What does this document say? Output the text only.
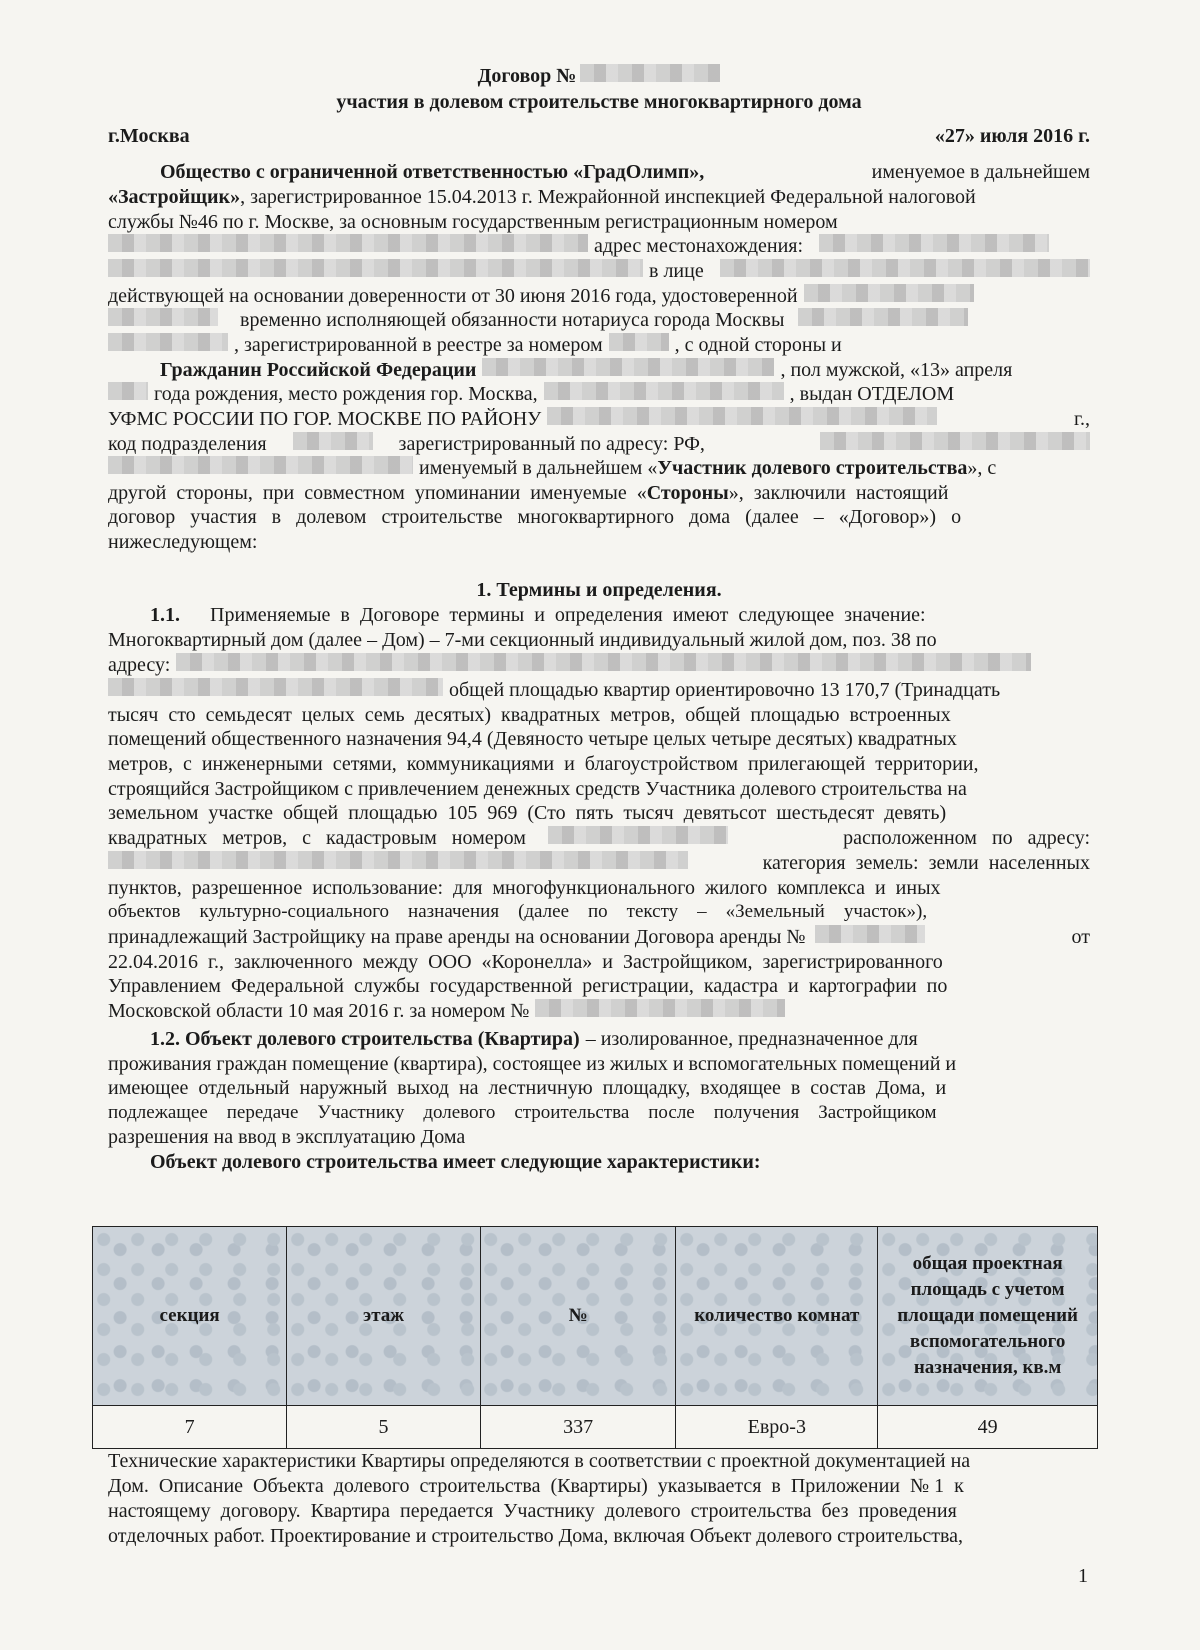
Договор №
участия в долевом строительстве многоквартирного дома
г.Москва	«27» июля 2016 г.
Общество с ограниченной ответственностью «ГрадОлимп»,	именуемое в дальнейшем
«Застройщик» , зарегистрированное 15.04.2013 г. Межрайонной инспекцией Федеральной налоговой
службы №46 по г. Москве, за основным государственным регистрационным номером
адрес местонахождения:
в лице
действующей на основании доверенности от 30 июня 2016 года, удостоверенной
временно исполняющей обязанности нотариуса города Москвы
, зарегистрированной в реестре за номером	, с одной стороны и
Гражданин Российской Федерации	, пол мужской, «13» апреля
года рождения, место рождения гор. Москва,	, выдан ОТДЕЛОМ
УФМС РОССИИ ПО ГОР. МОСКВЕ ПО РАЙОНУ	г.,
код подразделения	зарегистрированный по адресу: РФ,
именуемый в дальнейшем « Участник долевого строительства », с
другой  стороны,  при  совместном  упоминании  именуемые  « Стороны »,  заключили  настоящий
договор   участия   в   долевом   строительстве   многоквартирного   дома   (далее   –   «Договор»)   о
нижеследующем:
1. Термины и определения.
1.1. Применяемые  в  Договоре  термины  и  определения  имеют  следующее  значение:
Многоквартирный дом (далее – Дом) – 7-ми секционный индивидуальный жилой дом, поз. 38 по
адресу:
общей площадью квартир ориентировочно 13 170,7 (Тринадцать
тысяч  сто  семьдесят  целых  семь  десятых)  квадратных  метров,  общей  площадью  встроенных
помещений общественного назначения 94,4 (Девяносто четыре целых четыре десятых) квадратных
метров,  с  инженерными  сетями,  коммуникациями  и  благоустройством  прилегающей  территории,
строящийся Застройщиком с привлечением денежных средств Участника долевого строительства на
земельном  участке  общей  площадью  105  969  (Сто  пять  тысяч  девятьсот  шестьдесят  девять)
квадратных   метров,   с   кадастровым   номером	расположенном   по   адресу:
категория  земель:  земли  населенных
пунктов,  разрешенное  использование:  для  многофункционального  жилого  комплекса  и  иных
объектов    культурно-социального    назначения    (далее    по    тексту    –    «Земельный    участок»),
принадлежащий Застройщику на праве аренды на основании Договора аренды №	от
22.04.2016  г.,  заключенного  между  ООО  «Коронелла»  и  Застройщиком,  зарегистрированного
Управлением  Федеральной  службы  государственной  регистрации,  кадастра  и  картографии  по
Московской области 10 мая 2016 г. за номером №
1.2. Объект долевого строительства (Квартира) – изолированное, предназначенное для
проживания граждан помещение (квартира), состоящее из жилых и вспомогательных помещений и
имеющее  отдельный  наружный  выход  на  лестничную  площадку,  входящее  в  состав  Дома,  и
подлежащее    передаче    Участнику    долевого    строительства    после    получения    Застройщиком
разрешения на ввод в эксплуатацию Дома
Объект долевого строительства имеет следующие характеристики:
секция	этаж	№	количество комнат	общая проектная площадь с учетом площади помещений вспомогательного назначения, кв.м
7	5	337	Евро-3	49
Технические характеристики Квартиры определяются в соответствии с проектной документацией на
Дом.  Описание  Объекта  долевого  строительства  (Квартиры)  указывается  в  Приложении  № 1  к
настоящему  договору.  Квартира  передается  Участнику  долевого  строительства  без  проведения
отделочных работ. Проектирование и строительство Дома, включая Объект долевого строительства,
1
